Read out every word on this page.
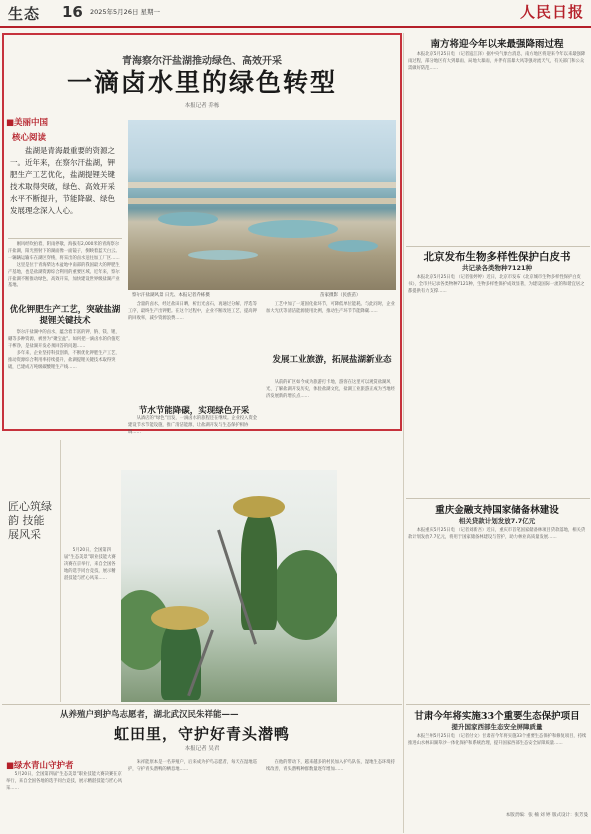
生态 16 2025年5月26日 星期一	人民日报
青海察尔汗盐湖推动绿色、高效开采
一滴卤水里的绿色转型
本报记者 乔栋
■美丽中国
核心阅读

盐湖是青海最重要的资源之一。近年来，在察尔汗盐湖，钾肥生产工艺优化，盐湖提锂关键技术取得突破，绿色、高效开采水平不断提升，节能降碳、绿色发展理念深入人心。

刚风经吹拍着，阴雨停歇，海拔有2,000米的青海察尔汗盐湖，阳光照射下的湖面像一面镜子，倒映着蓝天白云。一辆辆运输车在湖区穿梭，将采出的卤水送往加工厂区……

这里是位于青海柴达木盆地中南部的我国最大的钾肥生产基地，也是盐湖资源综合利用的重要区域。近年来，察尔汗盐湖不断推动绿色、高效开采，加快建设世界级盐湖产业基地。

优化钾肥生产工艺，突破盐湖提锂关键技术

察尔汗盐湖中的卤水，蕴含着丰富的钾、钠、镁、锂、硼等多种资源，被誉为“聚宝盆”。如何把一滴卤水的价值吃干榨净，是盐湖开发必须回答的问题……

多年来，企业坚持科技创新，不断优化钾肥生产工艺，推动资源综合利用率持续提升，盐湖提锂关键技术取得突破，已建成万吨级碳酸锂生产线……

察尔汗盐湖风景 日光、本报记者乔栋摄	苗家摄影（民族苗）

含量的卤水，经过盐田日晒，析出光卤石，再通过分解、浮选等工序，最终生产出钾肥。在这个过程中，企业不断改进工艺，提高钾的回收率，减少资源浪费……

节水节能降碳，实现绿色开采

从酒店的“绿色”出发，一滴卤水的旅程还在继续。企业投入资金建设节水节能设施，推广清洁能源，让盐湖开发与生态保护相协调……

工艺中加了一道固化盐环节，可降低单位能耗。与此同时，企业加大光伏等清洁能源使用比例，推动生产环节节能降碳……

发展工业旅游，拓展盐湖新业态

从前的矿区如今成为旅游打卡地，游客在这里可以观赏盐湖风光、了解盐湖开发历史，体验盐湖文化，盐湖工业旅游正成为当地经济发展新的增长点……

匠心筑绿韵 技能展风采

5月20日，全国第四届“生态美景”职业技能大赛决赛在京举行，来自全国各地的选手同台竞技，展示精湛技能与匠心风采……

从养殖户到护鸟志愿者，湖北武汉民朱祥能——
虹田里，守护好青头潜鸭
本报记者 吴君
■绿水青山守护者

5月20日，全国第四届“生态美景”职业技能大赛决赛在京举行，来自全国各地的选手同台竞技，展示精湛技能与匠心风采……

朱祥能原本是一名养殖户，后来成为护鸟志愿者，每天在湿地巡护，守护青头潜鸭的栖息地……

在他的带动下，越来越多的村民加入护鸟队伍，湿地生态环境持续改善，青头潜鸭种群数量逐年增加……

南方将迎今年以来最强降雨过程

本报北京5月25日电 （记者寇江泽）据中央气象台消息，南方地区将迎来今年以来最强降雨过程，部分地区有大到暴雨、局地大暴雨，并伴有雷暴大风等强对流天气，有关部门和公众需做好防范……

北京发布生物多样性保护白皮书
共记录各类物种7121种

本报北京5月25日电 （记者张婷婷）近日，北京市发布《北京城市生物多样性保护白皮书》，全市共记录各类物种7121种，生物多样性保护成效显著，为建设国际一流的和谐宜居之都提供有力支撑……

重庆金融支持国家储备林建设
相关贷款计划发放7.7亿元

本报重庆5月25日电 （记者刘新吾）近日，重庆市首笔国家储备林项目贷款落地，相关贷款计划发放7.7亿元，将用于国家储备林建设与管护，助力林业高质量发展……

甘肃今年将实施33个重要生态保护项目
提升国家西部生态安全屏障质量

本报兰州5月25日电 （记者付文）甘肃省今年将实施33个重要生态保护和修复项目，持续推进山水林田湖草沙一体化保护和系统治理，提升国家西部生态安全屏障质量……

本版责编：张 楠 刘 婷 版式设计：张芳曼
